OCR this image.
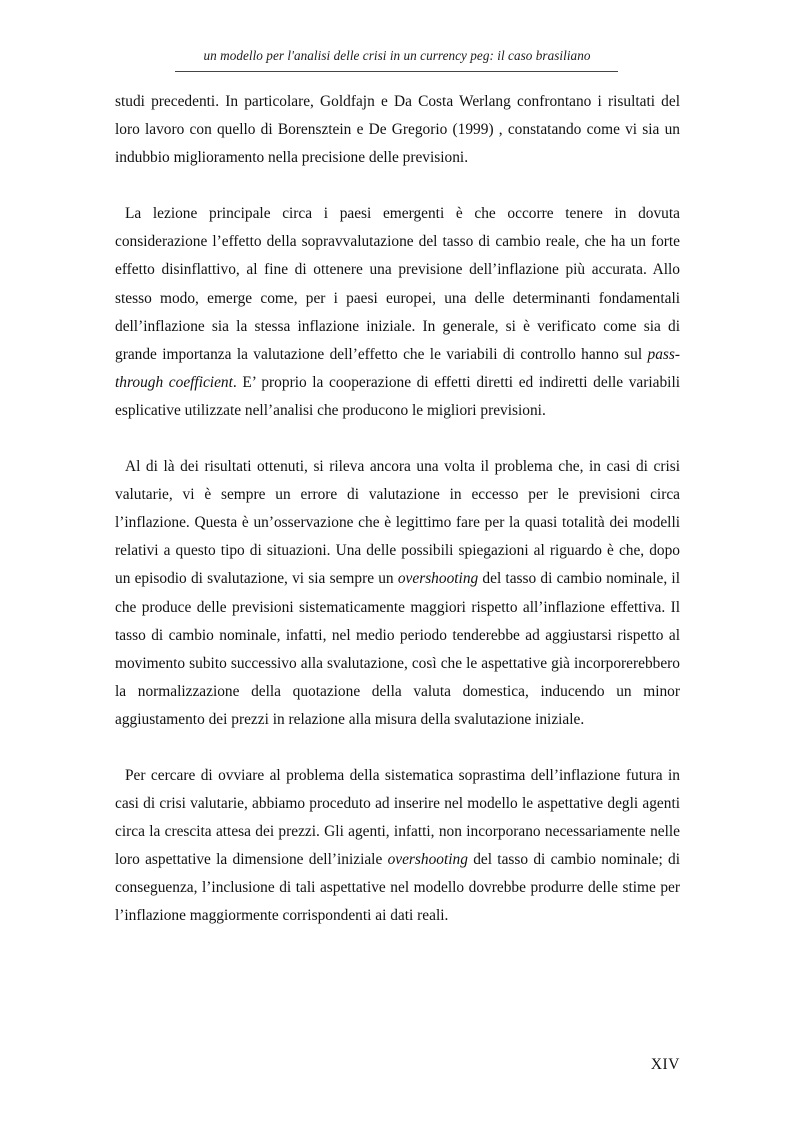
un modello per l'analisi delle crisi in un currency peg: il caso brasiliano

studi precedenti. In particolare, Goldfajn e Da Costa Werlang confrontano i risultati del loro lavoro con quello di Borensztein e De Gregorio (1999) , constatando come vi sia un indubbio miglioramento nella precisione delle previsioni.

La lezione principale circa i paesi emergenti è che occorre tenere in dovuta considerazione l’effetto della sopravvalutazione del tasso di cambio reale, che ha un forte effetto disinflattivo, al fine di ottenere una previsione dell’inflazione più accurata. Allo stesso modo, emerge come, per i paesi europei, una delle determinanti fondamentali dell’inflazione sia la stessa inflazione iniziale. In generale, si è verificato come sia di grande importanza la valutazione dell’effetto che le variabili di controllo hanno sul pass-through coefficient. E’ proprio la cooperazione di effetti diretti ed indiretti delle variabili esplicative utilizzate nell’analisi che producono le migliori previsioni.

Al di là dei risultati ottenuti, si rileva ancora una volta il problema che, in casi di crisi valutarie, vi è sempre un errore di valutazione in eccesso per le previsioni circa l’inflazione. Questa è un’osservazione che è legittimo fare per la quasi totalità dei modelli relativi a questo tipo di situazioni. Una delle possibili spiegazioni al riguardo è che, dopo un episodio di svalutazione, vi sia sempre un overshooting del tasso di cambio nominale, il che produce delle previsioni sistematicamente maggiori rispetto all’inflazione effettiva. Il tasso di cambio nominale, infatti, nel medio periodo tenderebbe ad aggiustarsi rispetto al movimento subito successivo alla svalutazione, così che le aspettative già incorporerebbero la normalizzazione della quotazione della valuta domestica, inducendo un minor aggiustamento dei prezzi in relazione alla misura della svalutazione iniziale.

Per cercare di ovviare al problema della sistematica soprastima dell’inflazione futura in casi di crisi valutarie, abbiamo proceduto ad inserire nel modello le aspettative degli agenti circa la crescita attesa dei prezzi. Gli agenti, infatti, non incorporano necessariamente nelle loro aspettative la dimensione dell’iniziale overshooting del tasso di cambio nominale; di conseguenza, l’inclusione di tali aspettative nel modello dovrebbe produrre delle stime per l’inflazione maggiormente corrispondenti ai dati reali.

XIV
